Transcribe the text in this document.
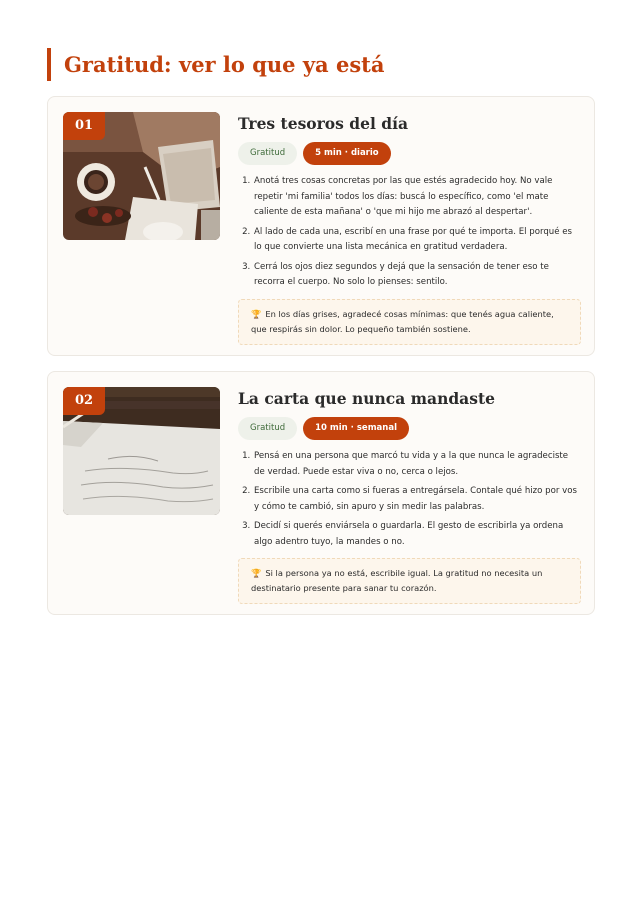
Gratitud: ver lo que ya está
01	Tres tesoros del día
Gratitud	5 min · diario
1. Anotá tres cosas concretas por las que estés agradecido hoy. No vale repetir 'mi familia' todos los días: buscá lo específico, como 'el mate caliente de esta mañana' o 'que mi hijo me abrazó al despertar'.
2. Al lado de cada una, escribí en una frase por qué te importa. El porqué es lo que convierte una lista mecánica en gratitud verdadera.
3. Cerrá los ojos diez segundos y dejá que la sensación de tener eso te recorra el cuerpo. No solo lo pienses: sentilo.
🏆 En los días grises, agradecé cosas mínimas: que tenés agua caliente, que respirás sin dolor. Lo pequeño también sostiene.
02	La carta que nunca mandaste
Gratitud	10 min · semanal
1. Pensá en una persona que marcó tu vida y a la que nunca le agradeciste de verdad. Puede estar viva o no, cerca o lejos.
2. Escribile una carta como si fueras a entregársela. Contale qué hizo por vos y cómo te cambió, sin apuro y sin medir las palabras.
3. Decidí si querés enviársela o guardarla. El gesto de escribirla ya ordena algo adentro tuyo, la mandes o no.
🏆 Si la persona ya no está, escribile igual. La gratitud no necesita un destinatario presente para sanar tu corazón.
